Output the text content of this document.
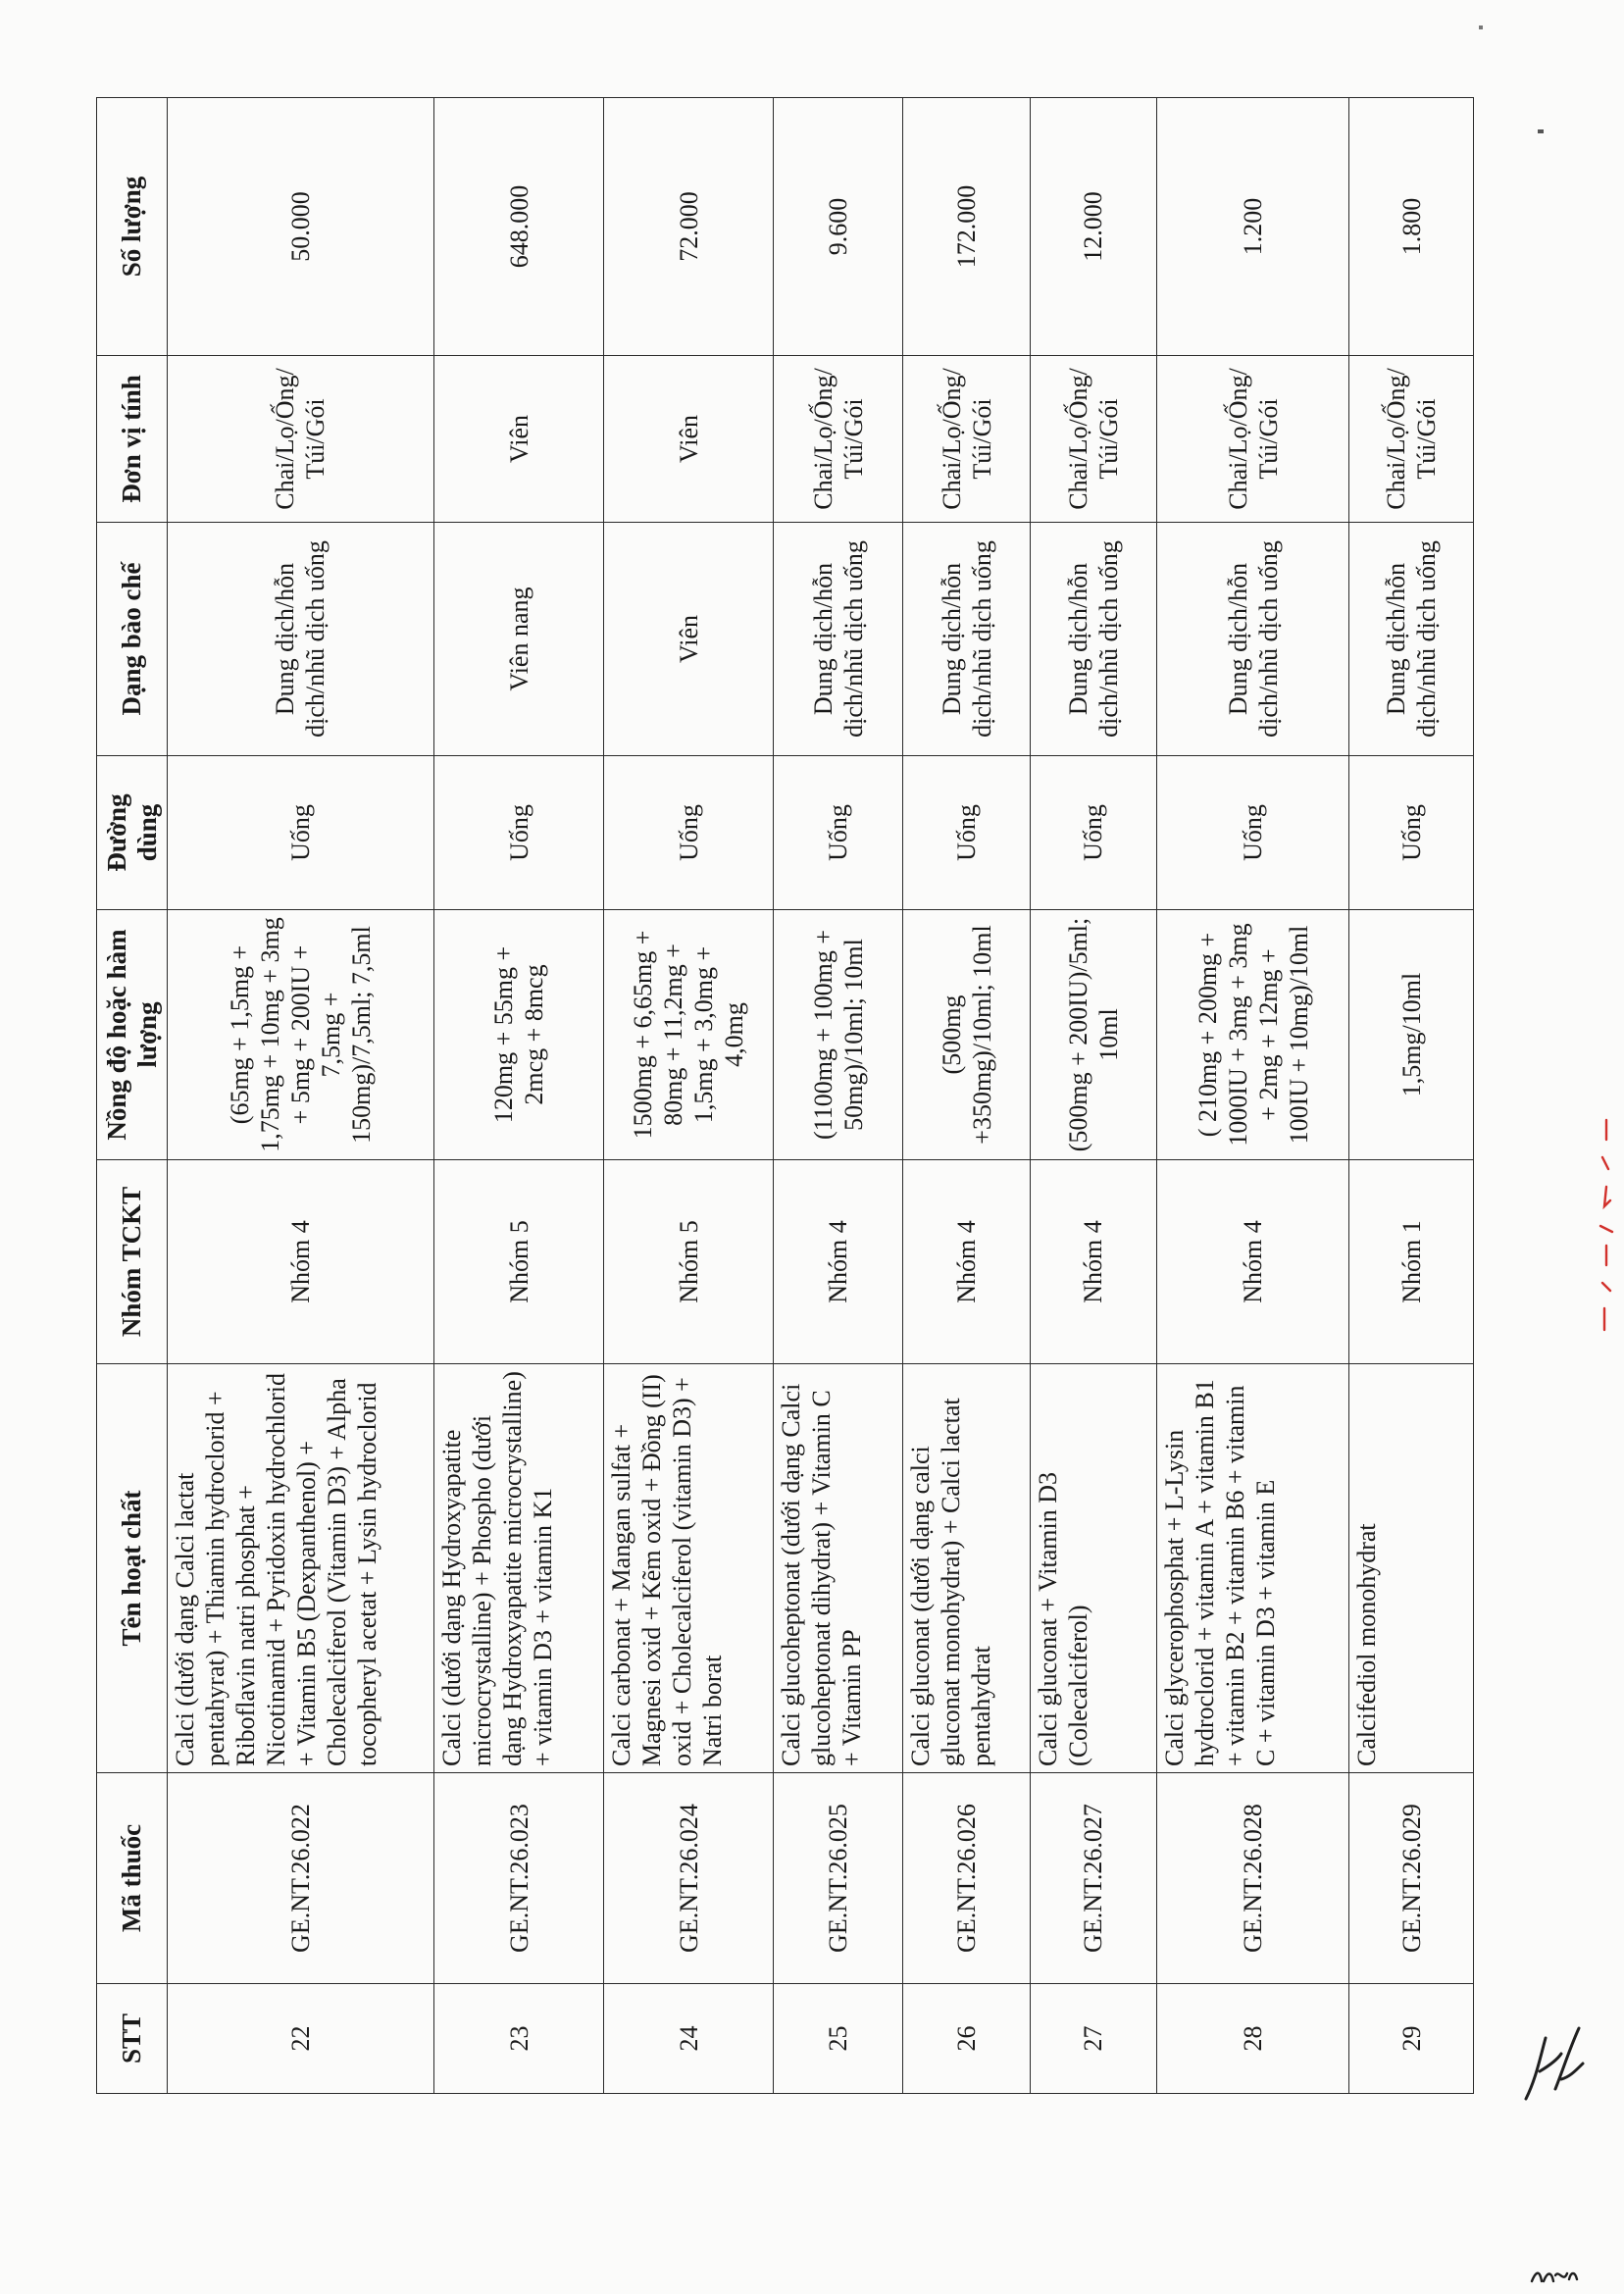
STT	Mã thuốc	Tên hoạt chất	Nhóm TCKT	Nồng độ hoặc hàm lượng	Đường dùng	Dạng bào chế	Đơn vị tính	Số lượng
22	GE.NT.26.022	Calci (dưới dạng Calci lactat pentahyrat) + Thiamin hydroclorid + Riboflavin natri phosphat + Nicotinamid + Pyridoxin hydrochlorid + Vitamin B5 (Dexpanthenol) + Cholecalciferol (Vitamin D3) + Alpha tocopheryl acetat + Lysin hydroclorid	Nhóm 4	(65mg + 1,5mg + 1,75mg + 10mg + 3mg + 5mg + 200IU + 7,5mg + 150mg)/7,5ml; 7,5ml	Uống	Dung dịch/hỗn dịch/nhũ dịch uống	Chai/Lọ/Ống/ Túi/Gói	50.000
23	GE.NT.26.023	Calci (dưới dạng Hydroxyapatite microcrystalline) + Phospho (dưới dạng Hydroxyapatite microcrystalline) + vitamin D3 + vitamin K1	Nhóm 5	120mg + 55mg + 2mcg + 8mcg	Uống	Viên nang	Viên	648.000
24	GE.NT.26.024	Calci carbonat + Mangan sulfat + Magnesi oxid + Kẽm oxid + Đồng (II) oxid + Cholecalciferol (vitamin D3) + Natri borat	Nhóm 5	1500mg + 6,65mg + 80mg + 11,2mg + 1,5mg + 3,0mg + 4,0mg	Uống	Viên	Viên	72.000
25	GE.NT.26.025	Calci glucoheptonat (dưới dạng Calci glucoheptonat dihydrat) + Vitamin C + Vitamin PP	Nhóm 4	(1100mg + 100mg + 50mg)/10ml; 10ml	Uống	Dung dịch/hỗn dịch/nhũ dịch uống	Chai/Lọ/Ống/ Túi/Gói	9.600
26	GE.NT.26.026	Calci gluconat (dưới dạng calci gluconat monohydrat) + Calci lactat pentahydrat	Nhóm 4	(500mg +350mg)/10ml; 10ml	Uống	Dung dịch/hỗn dịch/nhũ dịch uống	Chai/Lọ/Ống/ Túi/Gói	172.000
27	GE.NT.26.027	Calci gluconat + Vitamin D3 (Colecalciferol)	Nhóm 4	(500mg + 200IU)/5ml; 10ml	Uống	Dung dịch/hỗn dịch/nhũ dịch uống	Chai/Lọ/Ống/ Túi/Gói	12.000
28	GE.NT.26.028	Calci glycerophosphat + L-Lysin hydroclorid + vitamin A + vitamin B1 + vitamin B2 + vitamin B6 + vitamin C + vitamin D3 + vitamin E	Nhóm 4	( 210mg + 200mg + 1000IU + 3mg + 3mg + 2mg + 12mg + 100IU + 10mg)/10ml	Uống	Dung dịch/hỗn dịch/nhũ dịch uống	Chai/Lọ/Ống/ Túi/Gói	1.200
29	GE.NT.26.029	Calcifediol monohydrat	Nhóm 1	1,5mg/10ml	Uống	Dung dịch/hỗn dịch/nhũ dịch uống	Chai/Lọ/Ống/ Túi/Gói	1.800
